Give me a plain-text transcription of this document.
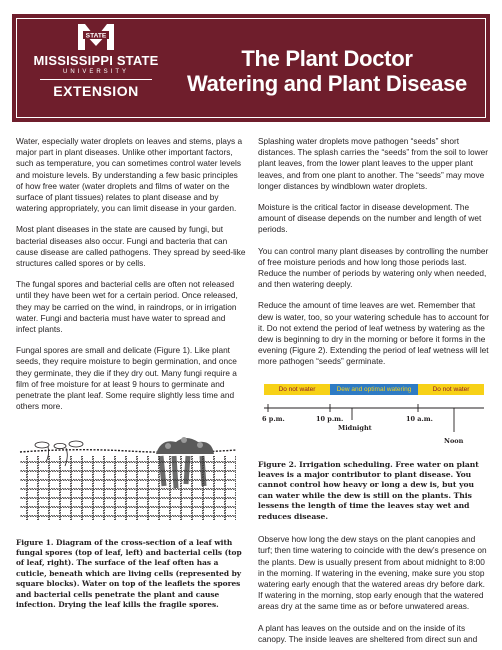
STATE
MISSISSIPPI STATE
UNIVERSITY
EXTENSION
The Plant Doctor
Watering and Plant Disease

Water, especially water droplets on leaves and stems, plays a major part in plant diseases. Unlike other important factors, such as temperature, you can sometimes control water levels and moisture levels. By understanding a few basic principles of how free water (water droplets and films of water on the surface of plant tissues) relates to plant disease and by watering appropriately, you can limit disease in your garden.

Most plant diseases in the state are caused by fungi, but bacterial diseases also occur. Fungi and bacteria that can cause disease are called pathogens. They spread by seed-like structures called spores or by cells.

The fungal spores and bacterial cells are often not released until they have been wet for a certain period. Once released, they may be carried on the wind, in raindrops, or in irrigation water. Fungi and bacteria must have water to spread and infect plants.

Fungal spores are small and delicate (Figure 1). Like plant seeds, they require moisture to begin germination, and once they germinate, they die if they dry out. Many fungi require a film of free moisture for at least 9 hours to germinate and penetrate the plant leaf. Some require slightly less time and others more.

Figure 1. Diagram of the cross-section of a leaf with fungal spores (top of leaf, left) and bacterial cells (top of leaf, right). The surface of the leaf often has a cuticle, beneath which are living cells (represented by square blocks). Water on top of the leaflets the spores and bacterial cells penetrate the plant and cause infection. Drying the leaf kills the fragile spores.

Splashing water droplets move pathogen “seeds” short distances. The splash carries the “seeds” from the soil to lower plant leaves, from the lower plant leaves to the upper plant leaves, and from one plant to another. The “seeds” may move longer distances by windblown water droplets.

Moisture is the critical factor in disease development. The amount of disease depends on the number and length of wet periods.

You can control many plant diseases by controlling the number of free moisture periods and how long those periods last. Reduce the number of periods by watering only when needed, and then watering deeply.

Reduce the amount of time leaves are wet. Remember that dew is water, too, so your watering schedule has to account for it. Do not extend the period of leaf wetness by watering as the dew is beginning to dry in the morning or before it forms in the evening (Figure 2). Extending the period of leaf wetness will let more pathogen “seeds” germinate.

Do not water	Dew and optimal watering	Do not water
6 p.m.	10 p.m.
Midnight
10 a.m.
Noon
Figure 2. Irrigation scheduling. Free water on plant leaves is a major contributor to plant disease. You cannot control how heavy or long a dew is, but you can water while the dew is still on the plants. This lessens the length of time the leaves stay wet and reduces disease.

Observe how long the dew stays on the plant canopies and turf; then time watering to coincide with the dew’s presence on the plants. Dew is usually present from about midnight to 8:00 in the morning. If watering in the evening, make sure you stop watering early enough that the watered areas dry before dark. If watering in the morning, stop early enough that the watered areas dry at the same time as or before unwatered areas.

A plant has leaves on the outside and on the inside of its canopy. The inside leaves are sheltered from direct sun and
